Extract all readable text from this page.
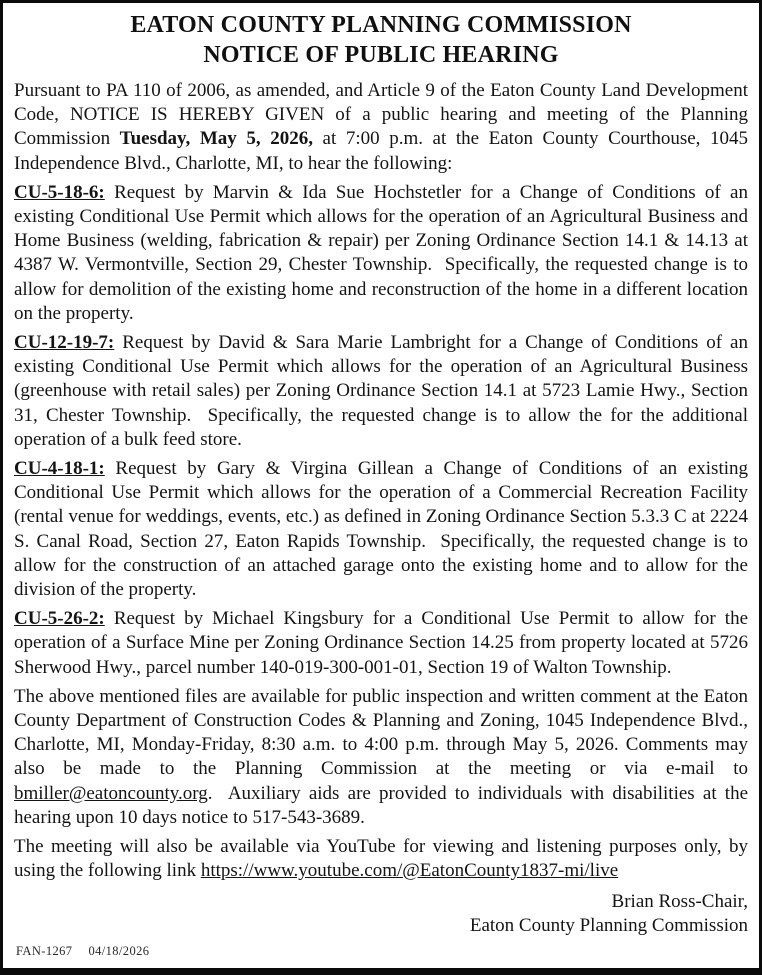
EATON COUNTY PLANNING COMMISSION
NOTICE OF PUBLIC HEARING

Pursuant to PA 110 of 2006, as amended, and Article 9 of the Eaton County Land Development Code, NOTICE IS HEREBY GIVEN of a public hearing and meeting of the Planning Commission Tuesday, May 5, 2026, at 7:00 p.m. at the Eaton County Courthouse, 1045 Independence Blvd., Charlotte, MI, to hear the following:

CU-5-18-6: Request by Marvin & Ida Sue Hochstetler for a Change of Conditions of an existing Conditional Use Permit which allows for the operation of an Agricultural Business and Home Business (welding, fabrication & repair) per Zoning Ordinance Section 14.1 & 14.13 at 4387 W. Vermontville, Section 29, Chester Township.  Specifically, the requested change is to allow for demolition of the existing home and reconstruction of the home in a different location on the property.

CU-12-19-7: Request by David & Sara Marie Lambright for a Change of Conditions of an existing Conditional Use Permit which allows for the operation of an Agricultural Business (greenhouse with retail sales) per Zoning Ordinance Section 14.1 at 5723 Lamie Hwy., Section 31, Chester Township.  Specifically, the requested change is to allow the for the additional operation of a bulk feed store.

CU-4-18-1: Request by Gary & Virgina Gillean a Change of Conditions of an existing Conditional Use Permit which allows for the operation of a Commercial Recreation Facility (rental venue for weddings, events, etc.) as defined in Zoning Ordinance Section 5.3.3 C at 2224 S. Canal Road, Section 27, Eaton Rapids Township.  Specifically, the requested change is to allow for the construction of an attached garage onto the existing home and to allow for the division of the property.

CU-5-26-2: Request by Michael Kingsbury for a Conditional Use Permit to allow for the operation of a Surface Mine per Zoning Ordinance Section 14.25 from property located at 5726 Sherwood Hwy., parcel number 140-019-300-001-01, Section 19 of Walton Township.

The above mentioned files are available for public inspection and written comment at the Eaton County Department of Construction Codes & Planning and Zoning, 1045 Independence Blvd., Charlotte, MI, Monday-Friday, 8:30 a.m. to 4:00 p.m. through May 5, 2026. Comments may also be made to the Planning Commission at the meeting or via e-mail to bmiller@eatoncounty.org.  Auxiliary aids are provided to individuals with disabilities at the hearing upon 10 days notice to 517-543-3689.

The meeting will also be available via YouTube for viewing and listening purposes only, by using the following link https://www.youtube.com/@EatonCounty1837-mi/live

Brian Ross-Chair,
Eaton County Planning Commission
FAN-1267 04/18/2026
